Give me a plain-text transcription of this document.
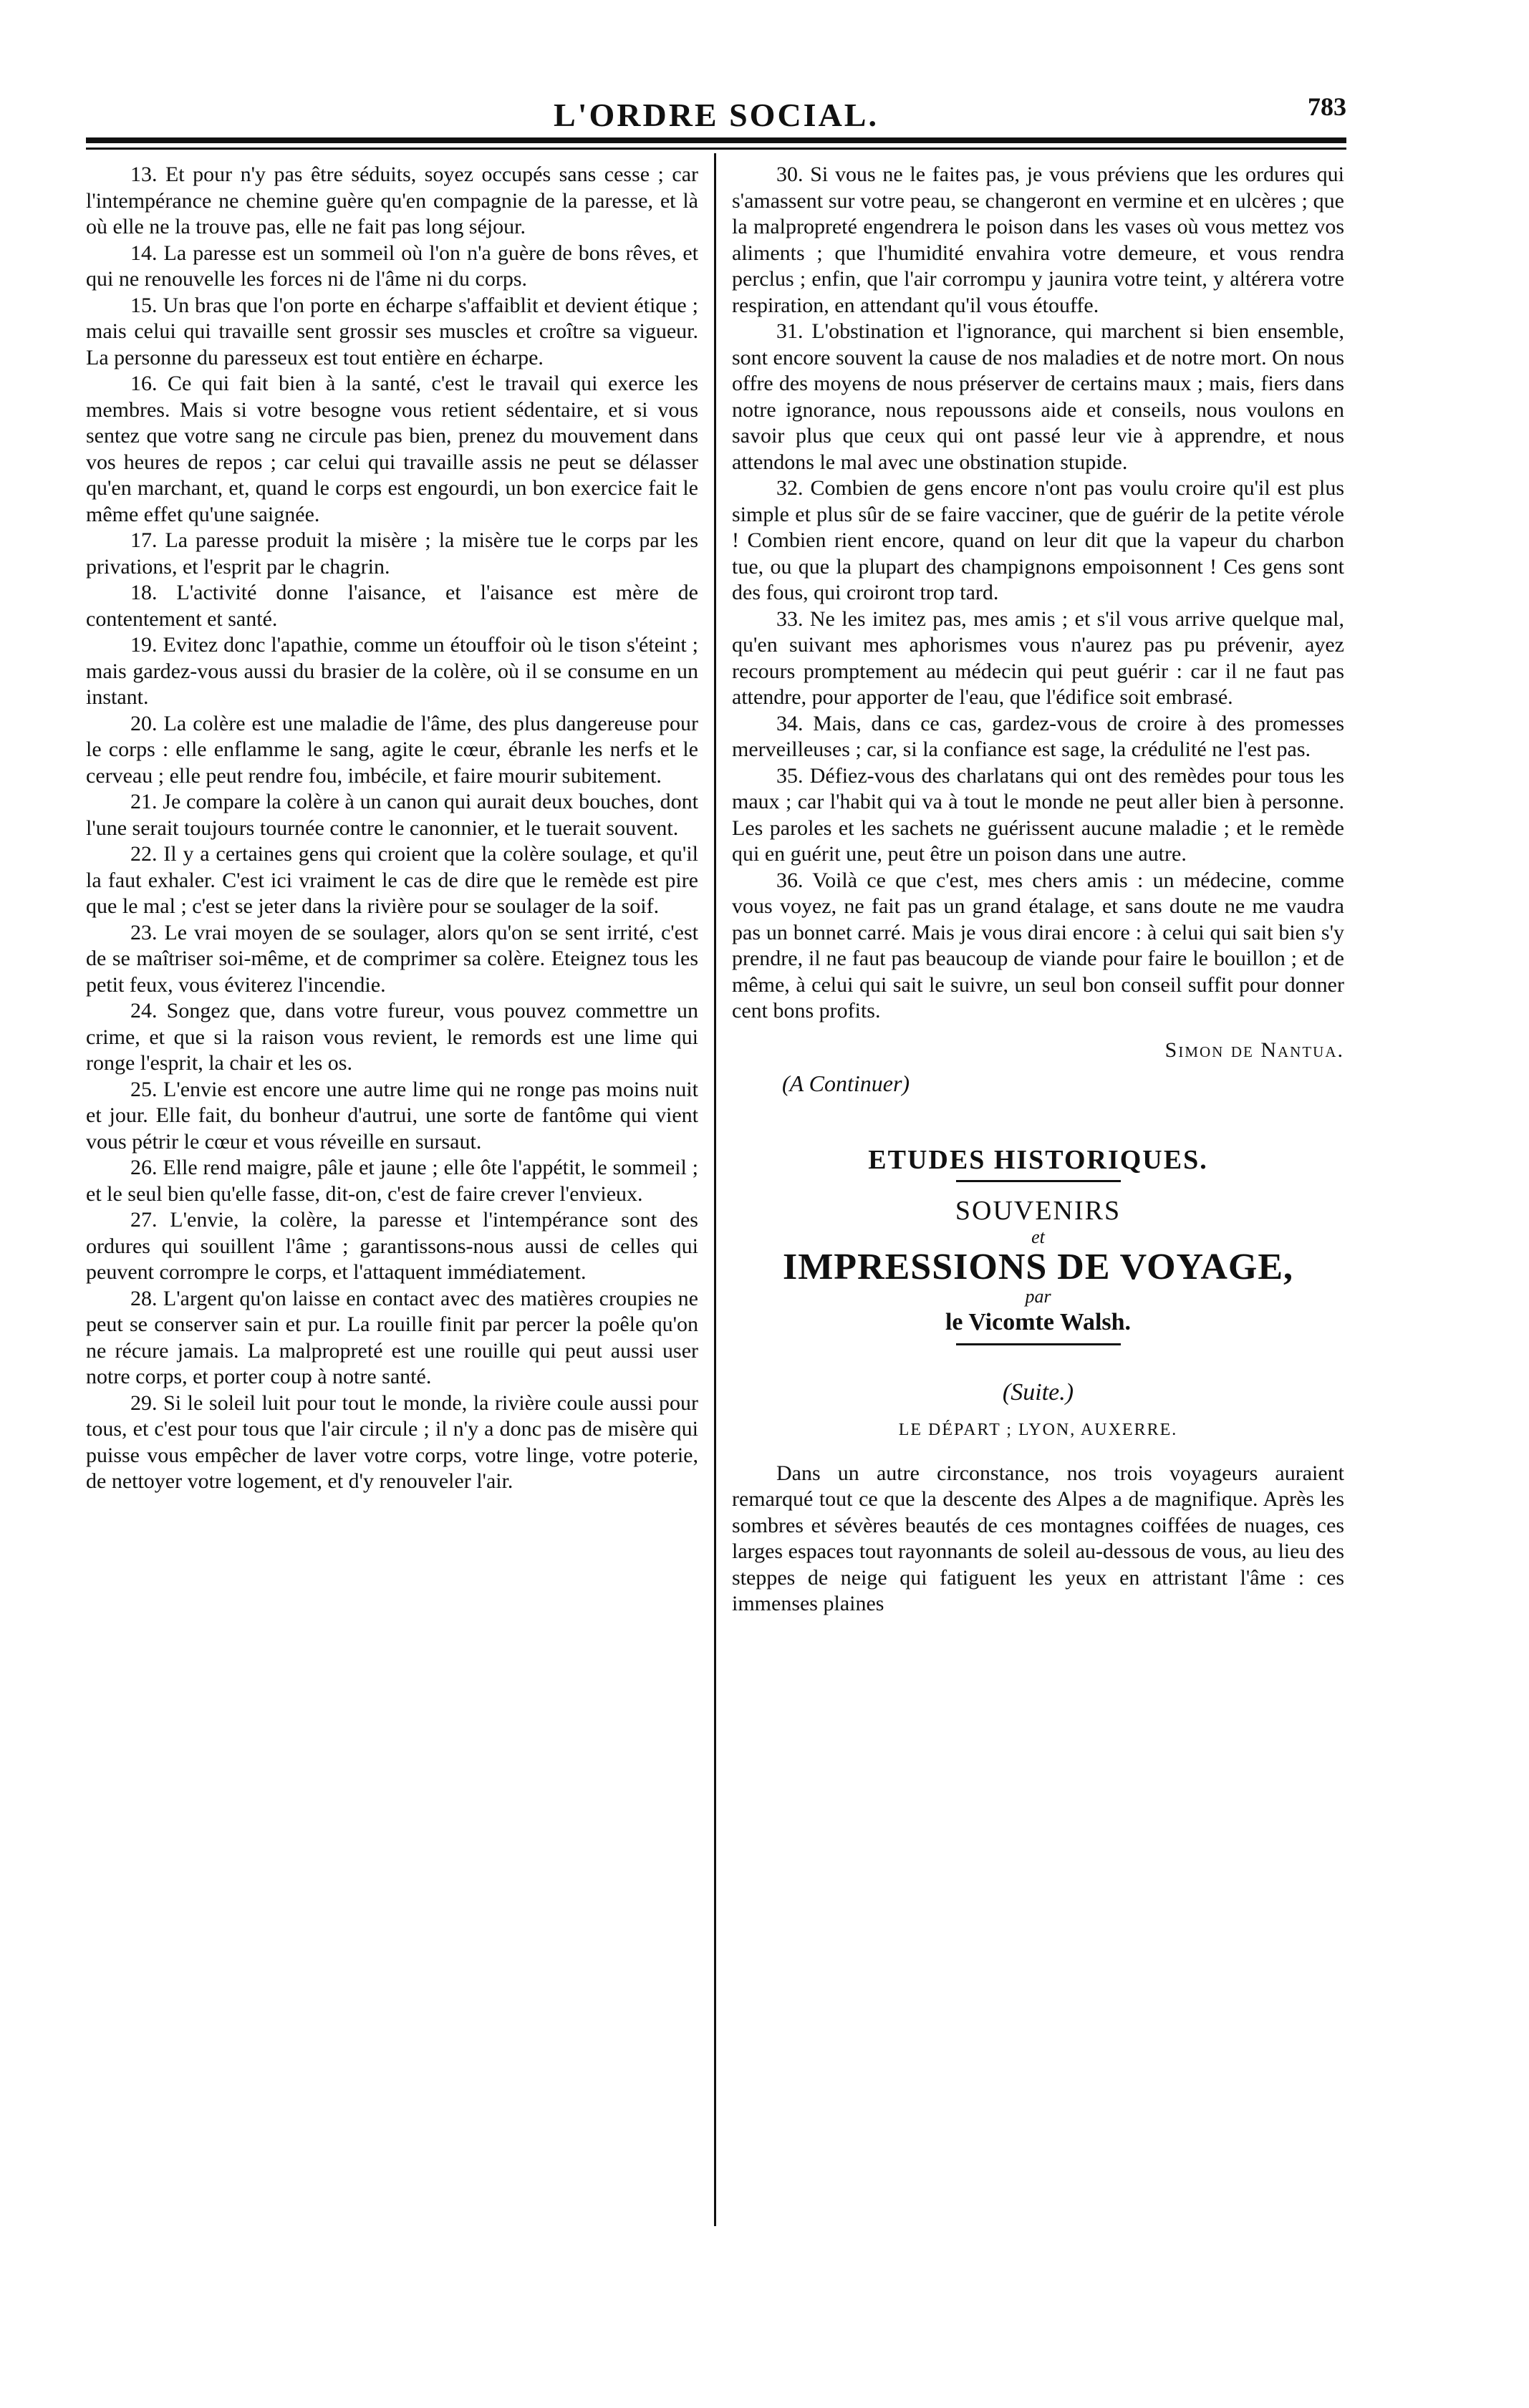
L'ORDRE SOCIAL.	783

13. Et pour n'y pas être séduits, soyez occupés sans cesse ; car l'intempérance ne chemine guère qu'en compagnie de la paresse, et là où elle ne la trouve pas, elle ne fait pas long séjour.

14. La paresse est un sommeil où l'on n'a guère de bons rêves, et qui ne renouvelle les forces ni de l'âme ni du corps.

15. Un bras que l'on porte en écharpe s'affaiblit et devient étique ; mais celui qui travaille sent grossir ses muscles et croître sa vigueur. La personne du paresseux est tout entière en écharpe.

16. Ce qui fait bien à la santé, c'est le travail qui exerce les membres. Mais si votre besogne vous retient sédentaire, et si vous sentez que votre sang ne circule pas bien, prenez du mouvement dans vos heures de repos ; car celui qui travaille assis ne peut se délasser qu'en marchant, et, quand le corps est engourdi, un bon exercice fait le même effet qu'une saignée.

17. La paresse produit la misère ; la misère tue le corps par les privations, et l'esprit par le chagrin.

18. L'activité donne l'aisance, et l'aisance est mère de contentement et santé.

19. Evitez donc l'apathie, comme un étouffoir où le tison s'éteint ; mais gardez-vous aussi du brasier de la colère, où il se consume en un instant.

20. La colère est une maladie de l'âme, des plus dangereuse pour le corps : elle enflamme le sang, agite le cœur, ébranle les nerfs et le cerveau ; elle peut rendre fou, imbécile, et faire mourir subitement.

21. Je compare la colère à un canon qui aurait deux bouches, dont l'une serait toujours tournée contre le canonnier, et le tuerait souvent.

22. Il y a certaines gens qui croient que la colère soulage, et qu'il la faut exhaler. C'est ici vraiment le cas de dire que le remède est pire que le mal ; c'est se jeter dans la rivière pour se soulager de la soif.

23. Le vrai moyen de se soulager, alors qu'on se sent irrité, c'est de se maîtriser soi-même, et de comprimer sa colère. Eteignez tous les petit feux, vous éviterez l'incendie.

24. Songez que, dans votre fureur, vous pouvez commettre un crime, et que si la raison vous revient, le remords est une lime qui ronge l'esprit, la chair et les os.

25. L'envie est encore une autre lime qui ne ronge pas moins nuit et jour. Elle fait, du bonheur d'autrui, une sorte de fantôme qui vient vous pétrir le cœur et vous réveille en sursaut.

26. Elle rend maigre, pâle et jaune ; elle ôte l'appétit, le sommeil ; et le seul bien qu'elle fasse, dit-on, c'est de faire crever l'envieux.

27. L'envie, la colère, la paresse et l'intempérance sont des ordures qui souillent l'âme ; garantissons-nous aussi de celles qui peuvent corrompre le corps, et l'attaquent immédiatement.

28. L'argent qu'on laisse en contact avec des matières croupies ne peut se conserver sain et pur. La rouille finit par percer la poêle qu'on ne récure jamais. La malpropreté est une rouille qui peut aussi user notre corps, et porter coup à notre santé.

29. Si le soleil luit pour tout le monde, la rivière coule aussi pour tous, et c'est pour tous que l'air circule ; il n'y a donc pas de misère qui puisse vous empêcher de laver votre corps, votre linge, votre poterie, de nettoyer votre logement, et d'y renouveler l'air.

30. Si vous ne le faites pas, je vous préviens que les ordures qui s'amassent sur votre peau, se changeront en vermine et en ulcères ; que la malpropreté engendrera le poison dans les vases où vous mettez vos aliments ; que l'humidité envahira votre demeure, et vous rendra perclus ; enfin, que l'air corrompu y jaunira votre teint, y altérera votre respiration, en attendant qu'il vous étouffe.

31. L'obstination et l'ignorance, qui marchent si bien ensemble, sont encore souvent la cause de nos maladies et de notre mort. On nous offre des moyens de nous préserver de certains maux ; mais, fiers dans notre ignorance, nous repoussons aide et conseils, nous voulons en savoir plus que ceux qui ont passé leur vie à apprendre, et nous attendons le mal avec une obstination stupide.

32. Combien de gens encore n'ont pas voulu croire qu'il est plus simple et plus sûr de se faire vacciner, que de guérir de la petite vérole ! Combien rient encore, quand on leur dit que la vapeur du charbon tue, ou que la plupart des champignons empoisonnent ! Ces gens sont des fous, qui croiront trop tard.

33. Ne les imitez pas, mes amis ; et s'il vous arrive quelque mal, qu'en suivant mes aphorismes vous n'aurez pas pu prévenir, ayez recours promptement au médecin qui peut guérir : car il ne faut pas attendre, pour apporter de l'eau, que l'édifice soit embrasé.

34. Mais, dans ce cas, gardez-vous de croire à des promesses merveilleuses ; car, si la confiance est sage, la crédulité ne l'est pas.

35. Défiez-vous des charlatans qui ont des remèdes pour tous les maux ; car l'habit qui va à tout le monde ne peut aller bien à personne. Les paroles et les sachets ne guérissent aucune maladie ; et le remède qui en guérit une, peut être un poison dans une autre.

36. Voilà ce que c'est, mes chers amis : un médecine, comme vous voyez, ne fait pas un grand étalage, et sans doute ne me vaudra pas un bonnet carré. Mais je vous dirai encore : à celui qui sait bien s'y prendre, il ne faut pas beaucoup de viande pour faire le bouillon ; et de même, à celui qui sait le suivre, un seul bon conseil suffit pour donner cent bons profits.

Simon de Nantua.
(A Continuer)
ETUDES HISTORIQUES.
SOUVENIRS
et
IMPRESSIONS DE VOYAGE,
par
le Vicomte Walsh.
(Suite.)
LE DÉPART ; LYON, AUXERRE.

Dans un autre circonstance, nos trois voyageurs auraient remarqué tout ce que la descente des Alpes a de magnifique. Après les sombres et sévères beautés de ces montagnes coiffées de nuages, ces larges espaces tout rayonnants de soleil au-dessous de vous, au lieu des steppes de neige qui fatiguent les yeux en attristant l'âme : ces immenses plaines
